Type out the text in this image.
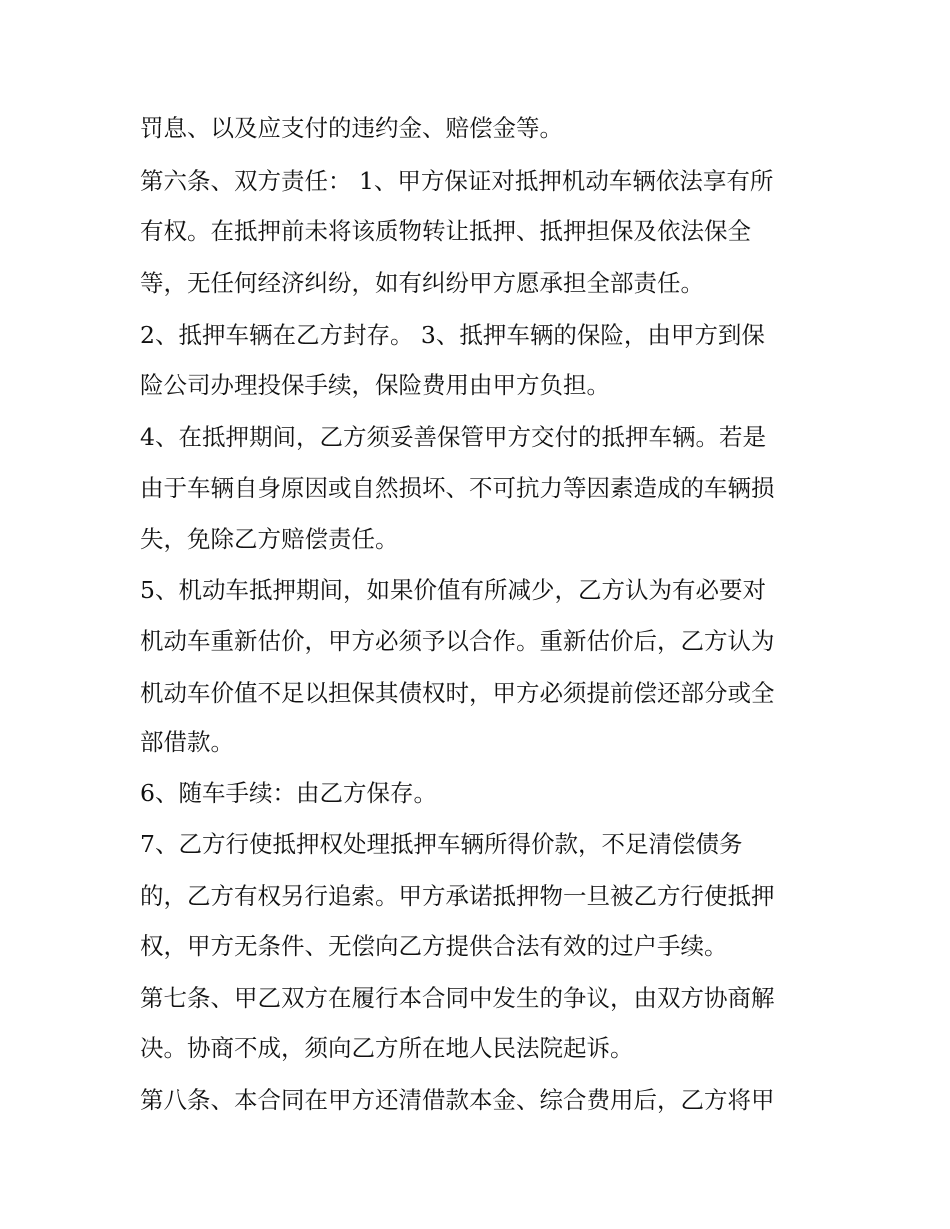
罚息、以及应支付的违约金、赔偿金等。
第六条、双方责任： 1、甲方保证对抵押机动车辆依法享有所
有权。在抵押前未将该质物转让抵押、抵押担保及依法保全
等，无任何经济纠纷，如有纠纷甲方愿承担全部责任。
2、抵押车辆在乙方封存。 3、抵押车辆的保险，由甲方到保
险公司办理投保手续，保险费用由甲方负担。
4、在抵押期间，乙方须妥善保管甲方交付的抵押车辆。若是
由于车辆自身原因或自然损坏、不可抗力等因素造成的车辆损
失，免除乙方赔偿责任。
5、机动车抵押期间，如果价值有所减少，乙方认为有必要对
机动车重新估价，甲方必须予以合作。重新估价后，乙方认为
机动车价值不足以担保其债权时，甲方必须提前偿还部分或全
部借款。
6、随车手续：由乙方保存。
7、乙方行使抵押权处理抵押车辆所得价款，不足清偿债务
的，乙方有权另行追索。甲方承诺抵押物一旦被乙方行使抵押
权，甲方无条件、无偿向乙方提供合法有效的过户手续。
第七条、甲乙双方在履行本合同中发生的争议，由双方协商解
决。协商不成，须向乙方所在地人民法院起诉。
第八条、本合同在甲方还清借款本金、综合费用后，乙方将甲
